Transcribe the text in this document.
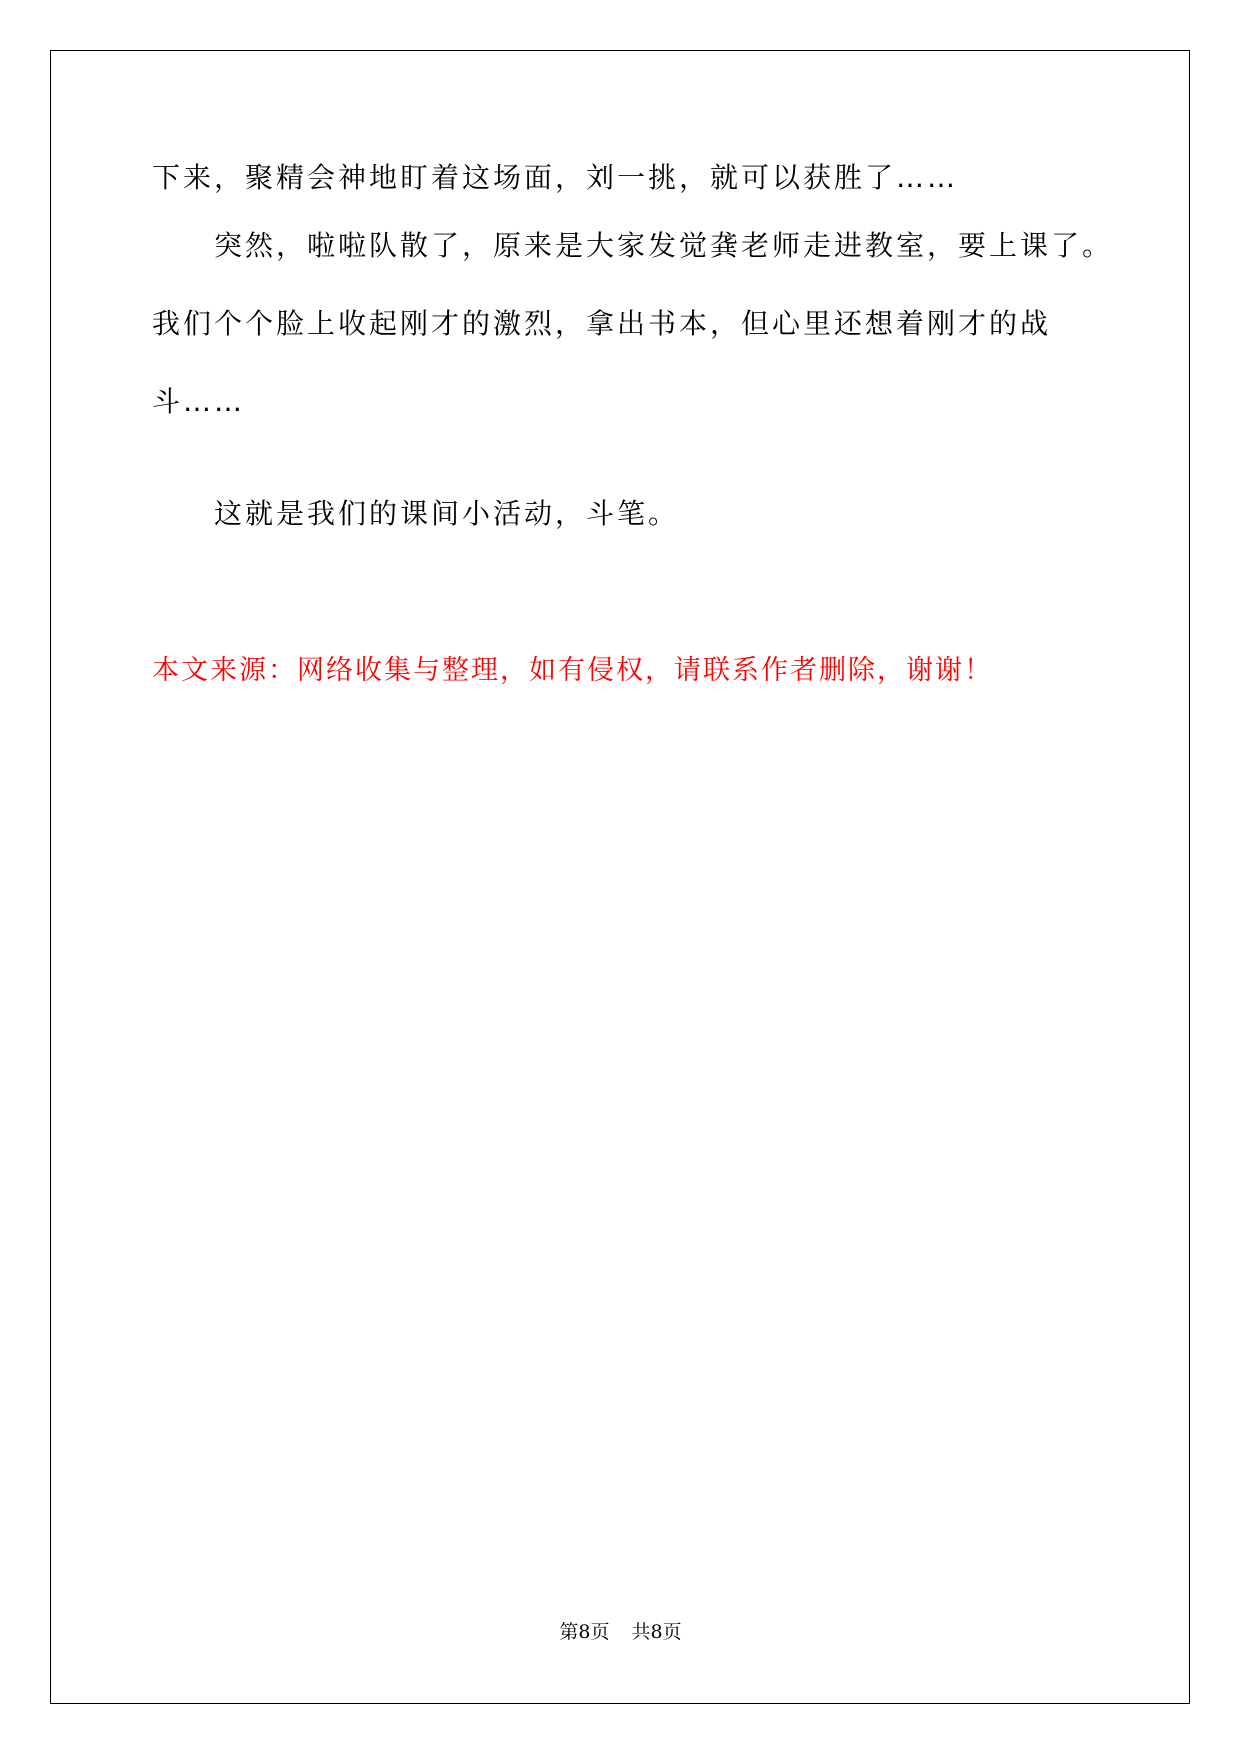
下来，聚精会神地盯着这场面，刘一挑，就可以获胜了……

突然，啦啦队散了，原来是大家发觉龚老师走进教室，要上课了。
我们个个脸上收起刚才的激烈，拿出书本，但心里还想着刚才的战
斗……

这就是我们的课间小活动，斗笔。

本文来源：网络收集与整理，如有侵权，请联系作者删除，谢谢！

第8页 共8页
